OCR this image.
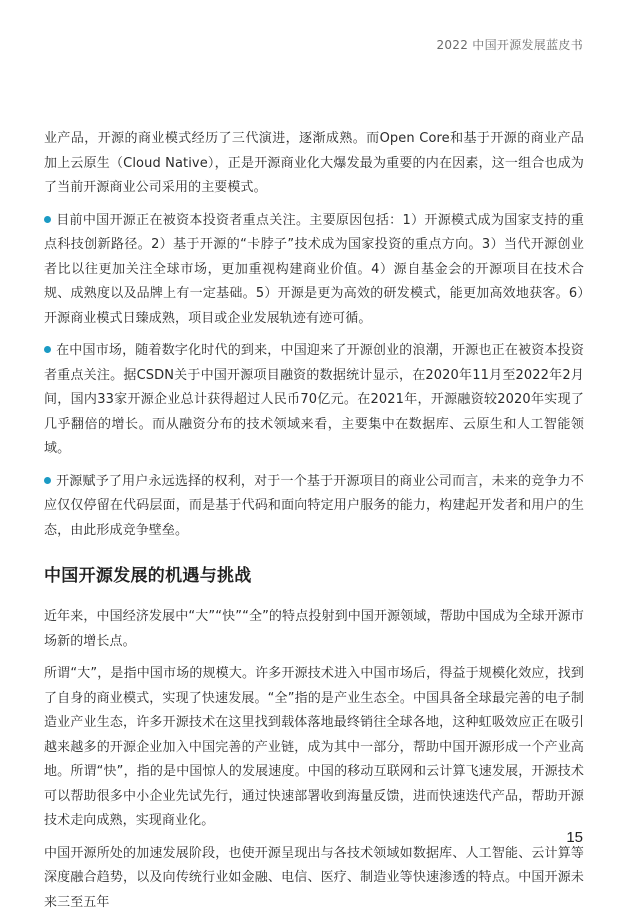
2022 中国开源发展蓝皮书

业产品，开源的商业模式经历了三代演进，逐渐成熟。而Open Core和基于开源的商业产品加上云原生（Cloud Native），正是开源商业化大爆发最为重要的内在因素，这一组合也成为了当前开源商业公司采用的主要模式。

目前中国开源正在被资本投资者重点关注。主要原因包括：1）开源模式成为国家支持的重点科技创新路径。2）基于开源的“卡脖子”技术成为国家投资的重点方向。3）当代开源创业者比以往更加关注全球市场，更加重视构建商业价值。4）源自基金会的开源项目在技术合规、成熟度以及品牌上有一定基础。5）开源是更为高效的研发模式，能更加高效地获客。6）开源商业模式日臻成熟，项目或企业发展轨迹有迹可循。

在中国市场，随着数字化时代的到来，中国迎来了开源创业的浪潮，开源也正在被资本投资者重点关注。据CSDN关于中国开源项目融资的数据统计显示，在2020年11月至2022年2月间，国内33家开源企业总计获得超过人民币70亿元。在2021年，开源融资较2020年实现了几乎翻倍的增长。而从融资分布的技术领域来看，主要集中在数据库、云原生和人工智能领域。

开源赋予了用户永远选择的权利，对于一个基于开源项目的商业公司而言，未来的竞争力不应仅仅停留在代码层面，而是基于代码和面向特定用户服务的能力，构建起开发者和用户的生态，由此形成竞争壁垒。

中国开源发展的机遇与挑战

近年来，中国经济发展中“大”“快”“全”的特点投射到中国开源领域，帮助中国成为全球开源市场新的增长点。

所谓“大”，是指中国市场的规模大。许多开源技术进入中国市场后，得益于规模化效应，找到了自身的商业模式，实现了快速发展。“全”指的是产业生态全。中国具备全球最完善的电子制造业产业生态，许多开源技术在这里找到载体落地最终销往全球各地，这种虹吸效应正在吸引越来越多的开源企业加入中国完善的产业链，成为其中一部分，帮助中国开源形成一个产业高地。所谓“快”，指的是中国惊人的发展速度。中国的移动互联网和云计算飞速发展，开源技术可以帮助很多中小企业先试先行，通过快速部署收到海量反馈，进而快速迭代产品，帮助开源技术走向成熟，实现商业化。

中国开源所处的加速发展阶段，也使开源呈现出与各技术领域如数据库、人工智能、云计算等深度融合趋势，以及向传统行业如金融、电信、医疗、制造业等快速渗透的特点。中国开源未来三至五年

15
